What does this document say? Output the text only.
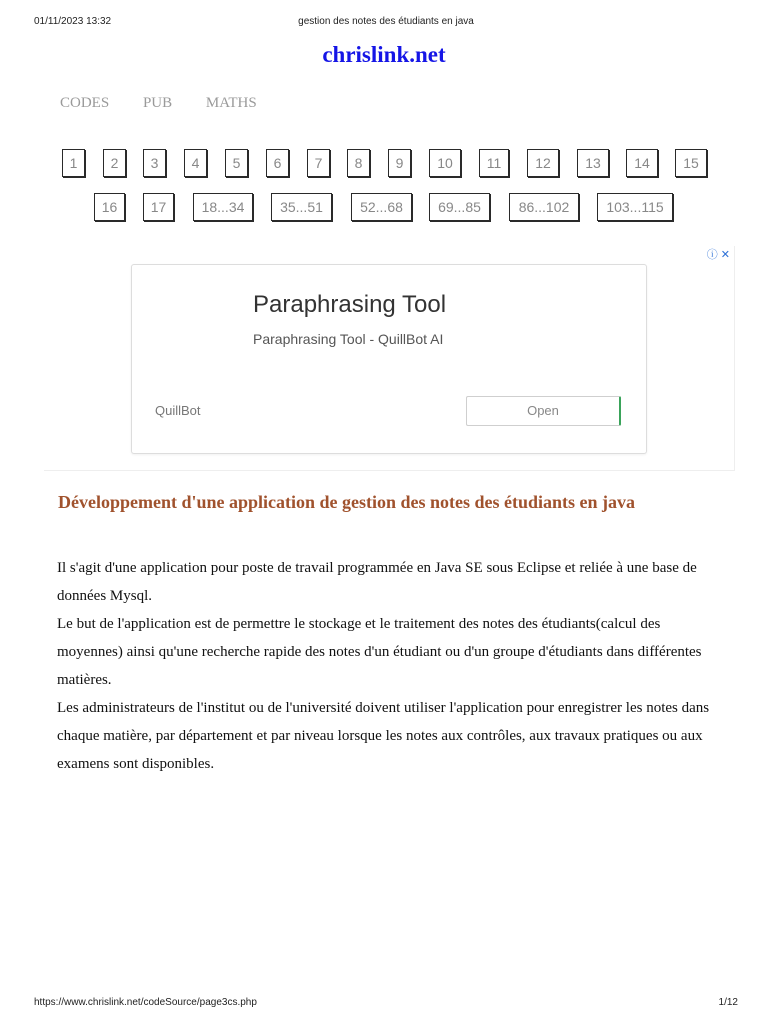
01/11/2023 13:32	gestion des notes des étudiants en java
chrislink.net
CODES PUB MATHS
1	2	3	4	5	6	7	8	9	10	11	12	13	14	15
16	17	18...34	35...51	52...68	69...85	86...102	103...115
ⓘ ✕
Paraphrasing Tool
Paraphrasing Tool - QuillBot AI
QuillBot	Open
Développement d'une application de gestion des notes des étudiants en java

Il s'agit d'une application pour poste de travail programmée en Java SE sous Eclipse et reliée à une base de données Mysql.

Le but de l'application est de permettre le stockage et le traitement des notes des étudiants(calcul des moyennes) ainsi qu'une recherche rapide des notes d'un étudiant ou d'un groupe d'étudiants dans différentes matières.

Les administrateurs de l'institut ou de l'université doivent utiliser l'application pour enregistrer les notes dans chaque matière, par département et par niveau lorsque les notes aux contrôles, aux travaux pratiques ou aux examens sont disponibles.

https://www.chrislink.net/codeSource/page3cs.php	1/12
